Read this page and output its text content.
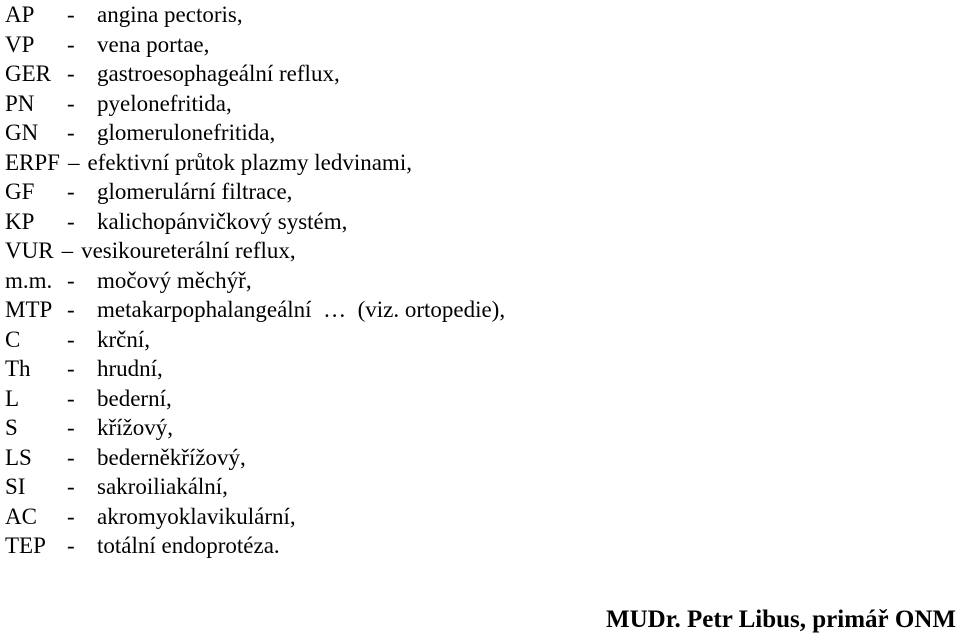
AP - angina pectoris,
VP - vena portae,
GER - gastroesophageální reflux,
PN - pyelonefritida,
GN - glomerulonefritida,
ERPF – efektivní průtok plazmy ledvinami,
GF - glomerulární filtrace,
KP - kalichopánvičkový systém,
VUR – vesikoureterální reflux,
m.m. - močový měchýř,
MTP - metakarpophalangeální  …  (viz. ortopedie),
C - krční,
Th - hrudní,
L - bederní,
S - křížový,
LS - bederněkřížový,
SI - sakroiliakální,
AC - akromyoklavikulární,
TEP - totální endoprotéza.
MUDr. Petr Libus, primář ONM
